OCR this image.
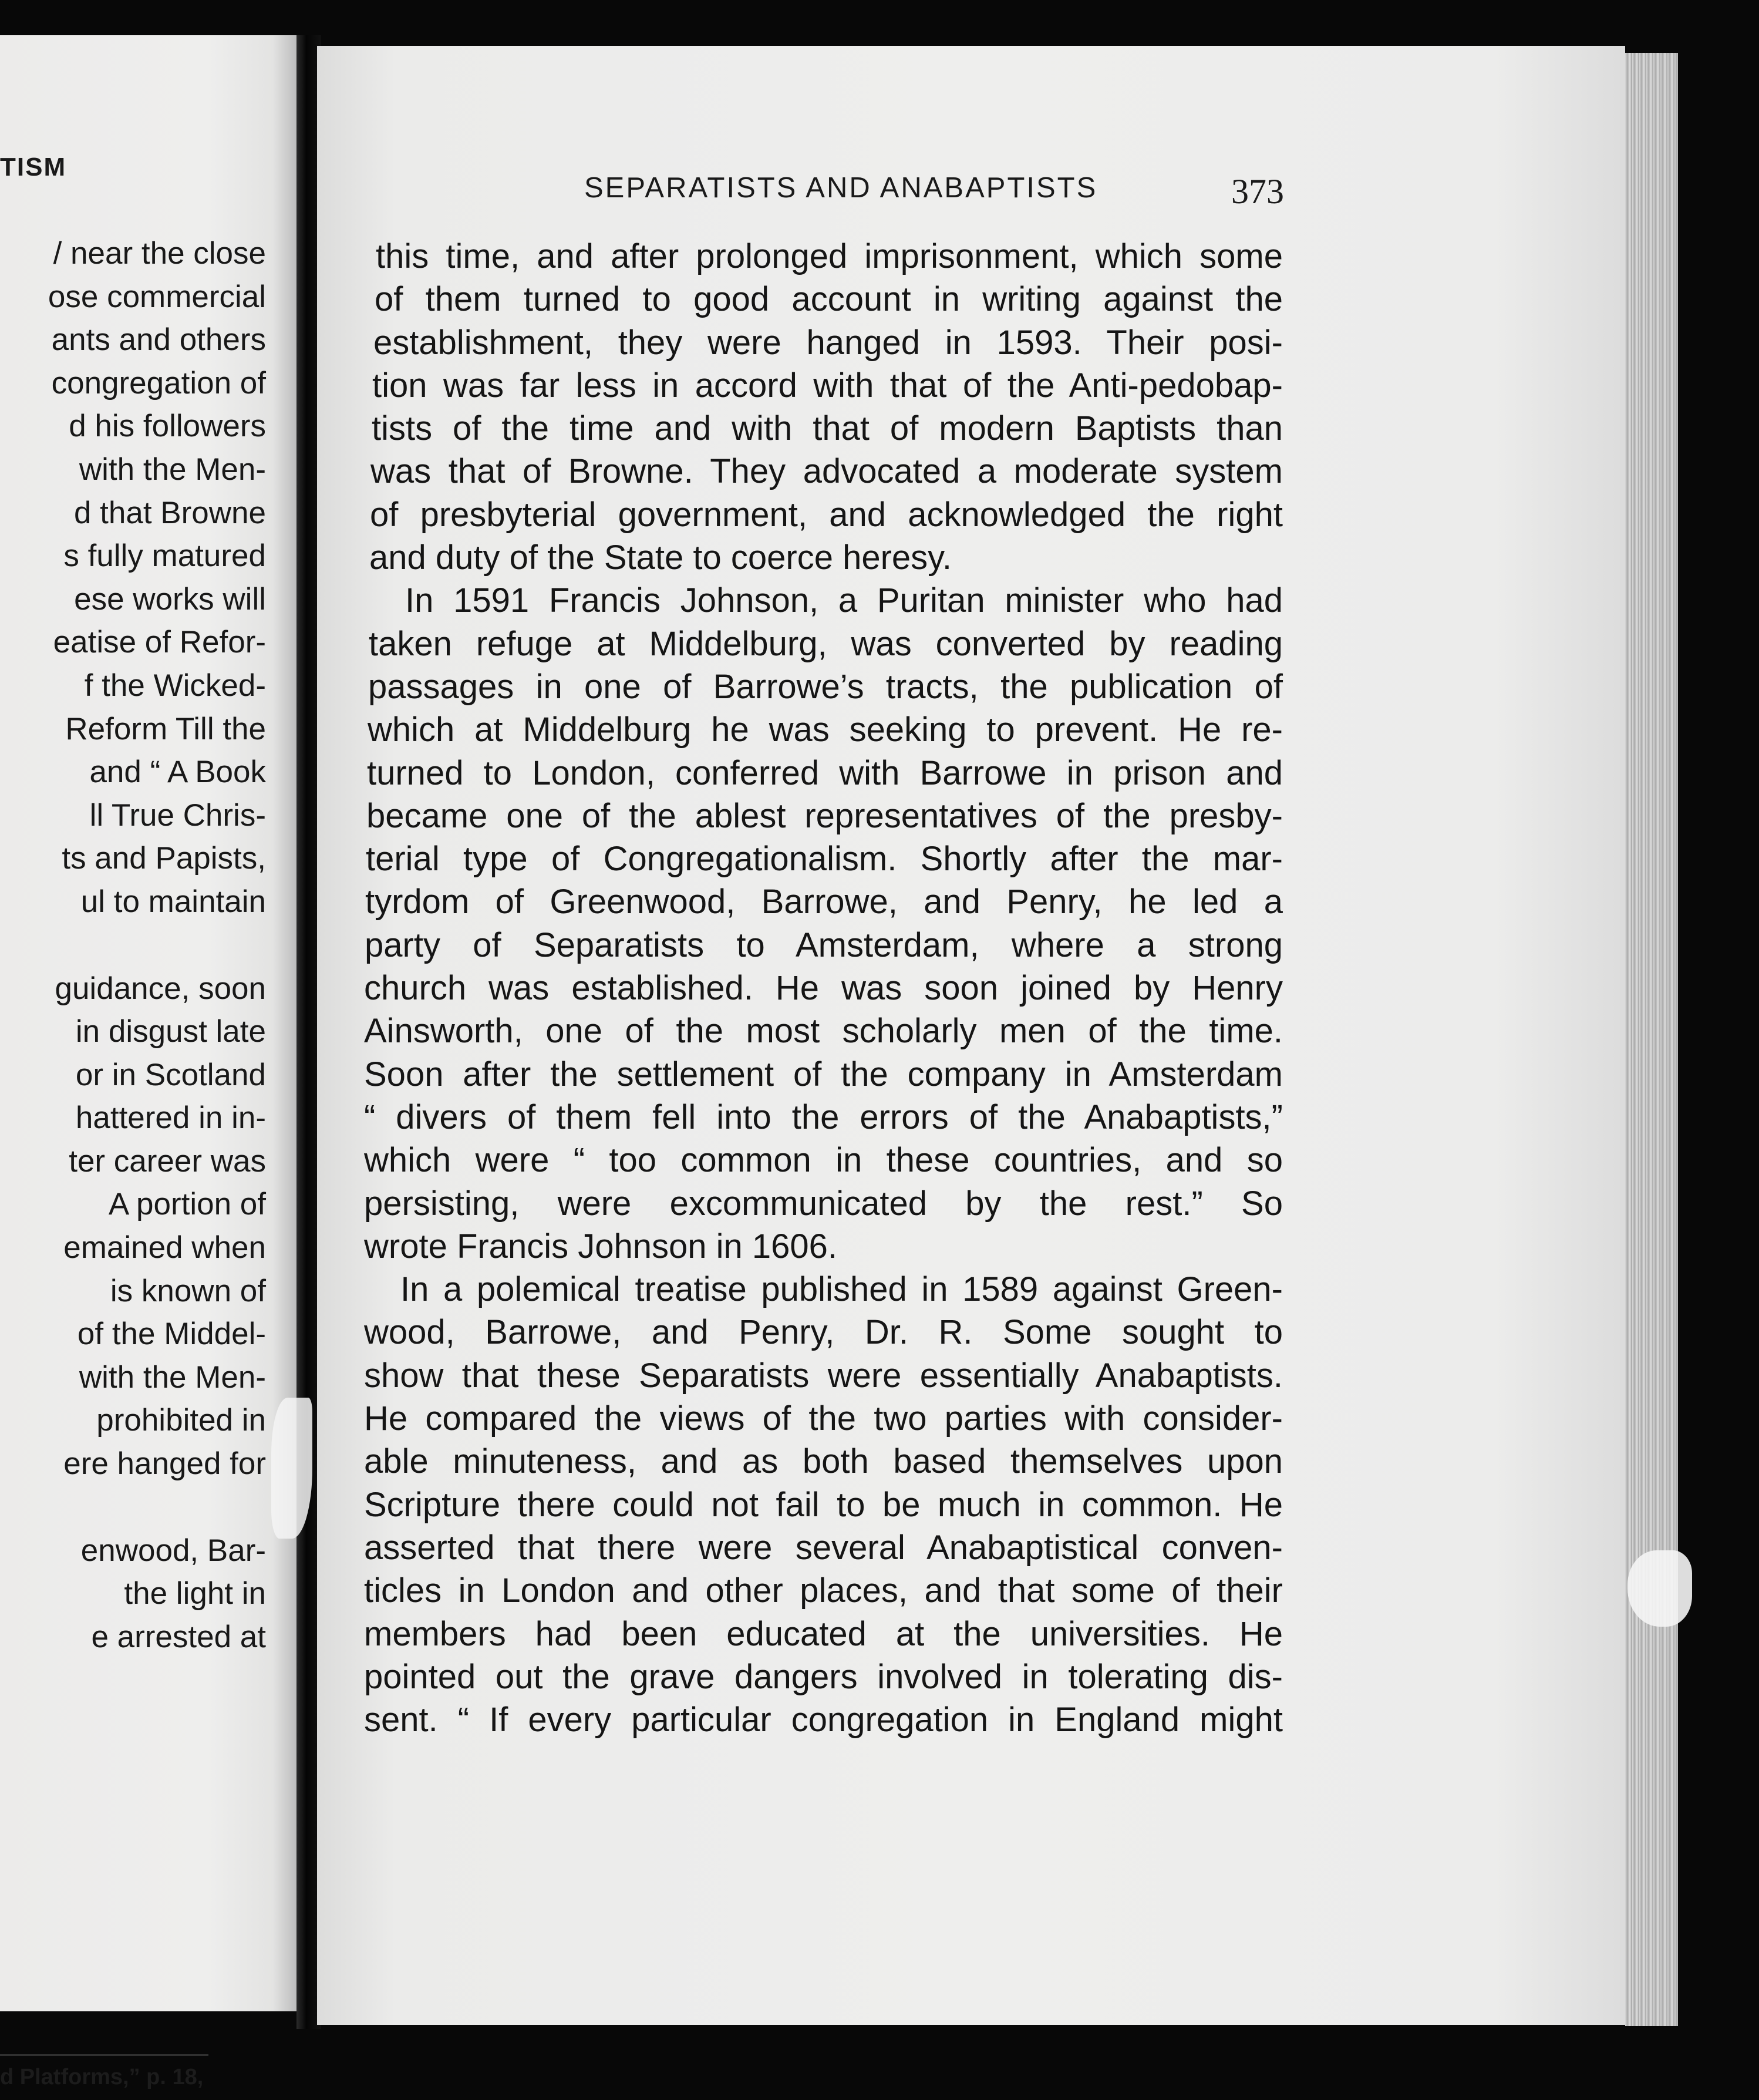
TISM
/ near the close
ose commercial
ants and others
congregation of
d his followers
with the Men-
d that Browne
s fully matured
ese works will
eatise of Refor-
f the Wicked-
Reform Till the
and “ A Book
ll True Chris-
ts and Papists,
ul to maintain
guidance, soon
in disgust late
or in Scotland
hattered in in-
ter career was
A portion of
emained when
is known of
of the Middel-
with the Men-
prohibited in
ere hanged for
enwood, Bar-
the light in
e arrested at
d Platforms,” p. 18,
SEPARATISTS AND ANABAPTISTS	373
this time, and after prolonged imprisonment, which some
of them turned to good account in writing against the
establishment, they were hanged in 1593. Their posi-
tion was far less in accord with that of the Anti-pedobap-
tists of the time and with that of modern Baptists than
was that of Browne. They advocated a moderate system
of presbyterial government, and acknowledged the right
and duty of the State to coerce heresy.
In 1591 Francis Johnson, a Puritan minister who had
taken refuge at Middelburg, was converted by reading
passages in one of Barrowe’s tracts, the publication of
which at Middelburg he was seeking to prevent. He re-
turned to London, conferred with Barrowe in prison and
became one of the ablest representatives of the presby-
terial type of Congregationalism. Shortly after the mar-
tyrdom of Greenwood, Barrowe, and Penry, he led a
party of Separatists to Amsterdam, where a strong
church was established. He was soon joined by Henry
Ainsworth, one of the most scholarly men of the time.
Soon after the settlement of the company in Amsterdam
“ divers of them fell into the errors of the Anabaptists,”
which were “ too common in these countries, and so
persisting, were excommunicated by the rest.” So
wrote Francis Johnson in 1606.
In a polemical treatise published in 1589 against Green-
wood, Barrowe, and Penry, Dr. R. Some sought to
show that these Separatists were essentially Anabaptists.
He compared the views of the two parties with consider-
able minuteness, and as both based themselves upon
Scripture there could not fail to be much in common. He
asserted that there were several Anabaptistical conven-
ticles in London and other places, and that some of their
members had been educated at the universities. He
pointed out the grave dangers involved in tolerating dis-
sent. “ If every particular congregation in England might
